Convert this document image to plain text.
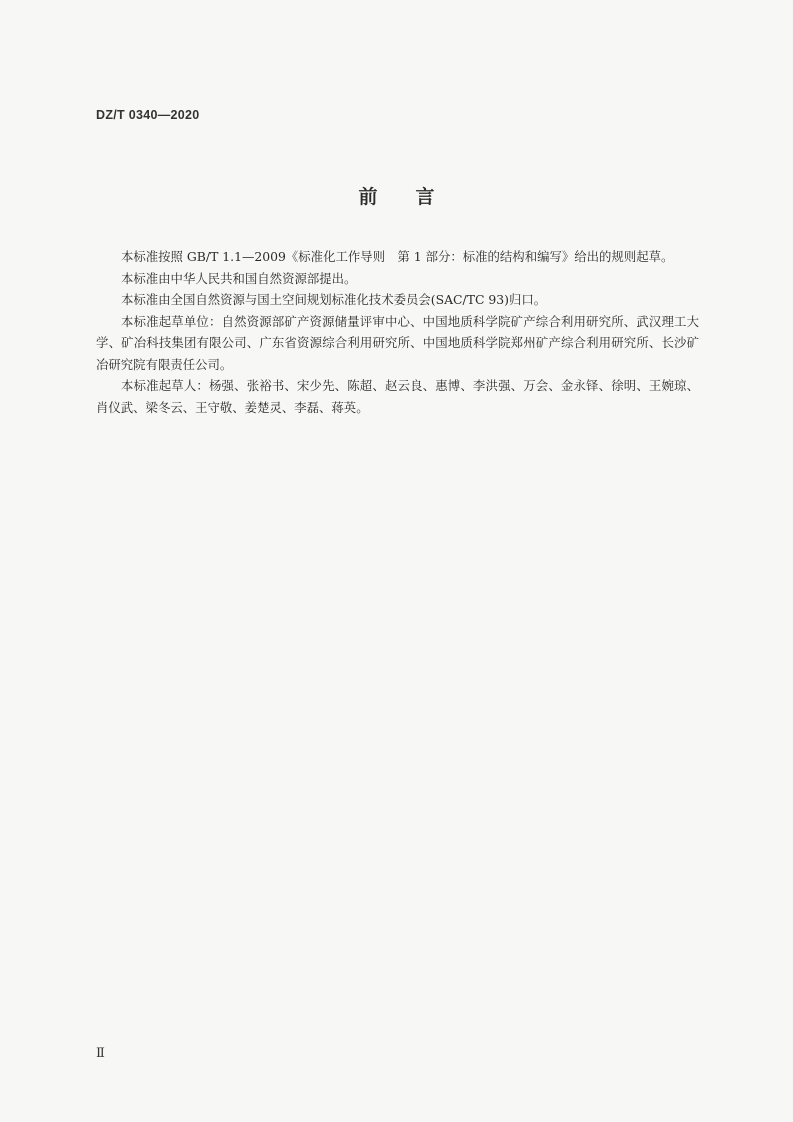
DZ/T 0340—2020
前言

本标准按照 GB/T 1.1—2009《标准化工作导则　第 1 部分：标准的结构和编写》给出的规则起草。

本标准由中华人民共和国自然资源部提出。

本标准由全国自然资源与国土空间规划标准化技术委员会(SAC/TC 93)归口。

本标准起草单位：自然资源部矿产资源储量评审中心、中国地质科学院矿产综合利用研究所、武汉理工大学、矿冶科技集团有限公司、广东省资源综合利用研究所、中国地质科学院郑州矿产综合利用研究所、长沙矿冶研究院有限责任公司。

本标准起草人：杨强、张裕书、宋少先、陈超、赵云良、惠博、李洪强、万会、金永铎、徐明、王婉琼、肖仪武、梁冬云、王守敬、姜楚灵、李磊、蒋英。

Ⅱ
